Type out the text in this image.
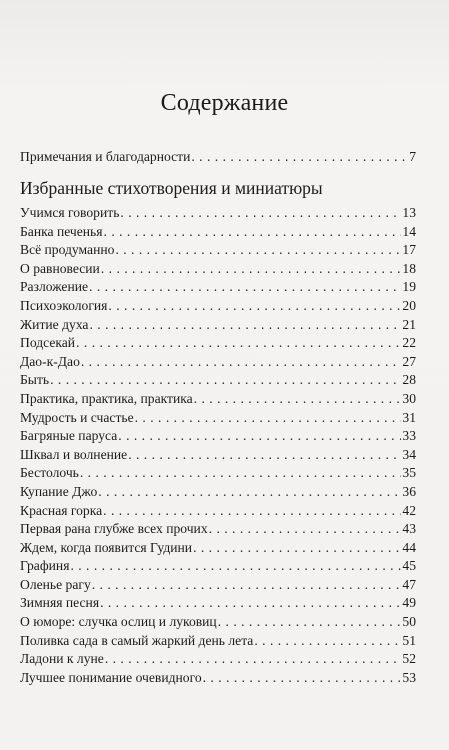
Содержание
Примечания и благодарности . . .	7
Избранные стихотворения и миниатюры
Учимся говорить . . .	13
Банка печенья . . .	14
Всё продуманно . . .	17
О равновесии . . .	18
Разложение . . .	19
Психоэкология . . .	20
Житие духа . . .	21
Подсекай . . .	22
Дао-к-Дао . . .	27
Быть . . .	28
Практика, практика, практика . . .	30
Мудрость и счастье . . .	31
Багряные паруса . . .	33
Шквал и волнение . . .	34
Бестолочь . . .	35
Купание Джо . . .	36
Красная горка . . .	42
Первая рана глубже всех прочих . . .	43
Ждем, когда появится Гудини . . .	44
Графиня . . .	45
Оленье рагу . . .	47
Зимняя песня . . .	49
О юморе: случка ослиц и луковиц . . .	50
Поливка сада в самый жаркий день лета . . .	51
Ладони к луне . . .	52
Лучшее понимание очевидного . . .	53
